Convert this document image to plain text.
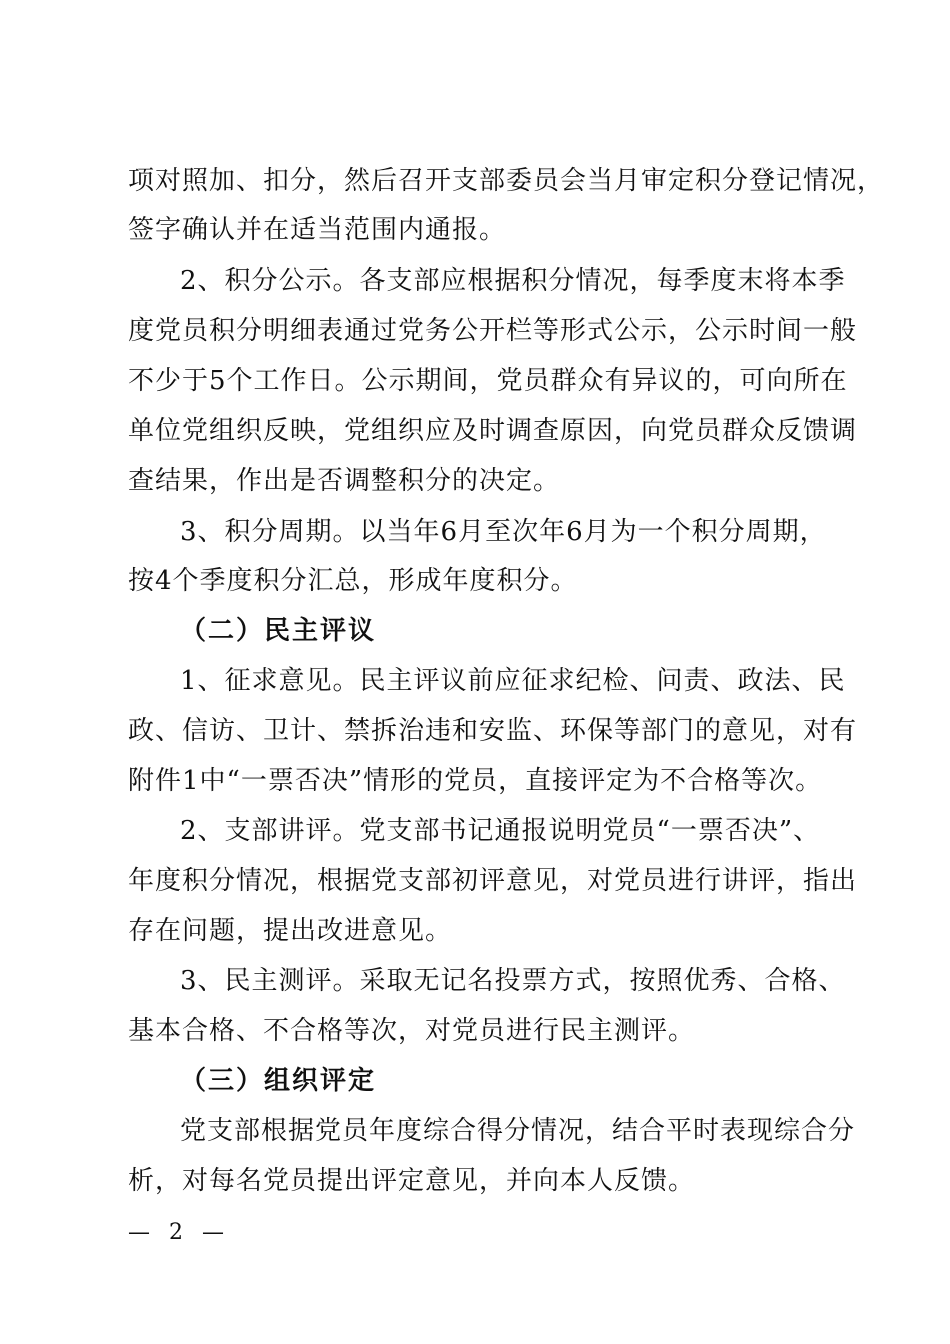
项对照加、扣分，然后召开支部委员会当月审定积分登记情况，
签字确认并在适当范围内通报。
2、积分公示。各支部应根据积分情况，每季度末将本季
度党员积分明细表通过党务公开栏等形式公示，公示时间一般
不少于5个工作日。公示期间，党员群众有异议的，可向所在
单位党组织反映，党组织应及时调查原因，向党员群众反馈调
查结果，作出是否调整积分的决定。
3、积分周期。以当年6月至次年6月为一个积分周期，
按4个季度积分汇总，形成年度积分。
（二）民主评议
1、征求意见。民主评议前应征求纪检、问责、政法、民
政、信访、卫计、禁拆治违和安监、环保等部门的意见，对有
附件1中“一票否决”情形的党员，直接评定为不合格等次。
2、支部讲评。党支部书记通报说明党员“一票否决”、
年度积分情况，根据党支部初评意见，对党员进行讲评，指出
存在问题，提出改进意见。
3、民主测评。采取无记名投票方式，按照优秀、合格、
基本合格、不合格等次，对党员进行民主测评。
（三）组织评定
党支部根据党员年度综合得分情况，结合平时表现综合分
析，对每名党员提出评定意见，并向本人反馈。
— 2 —
